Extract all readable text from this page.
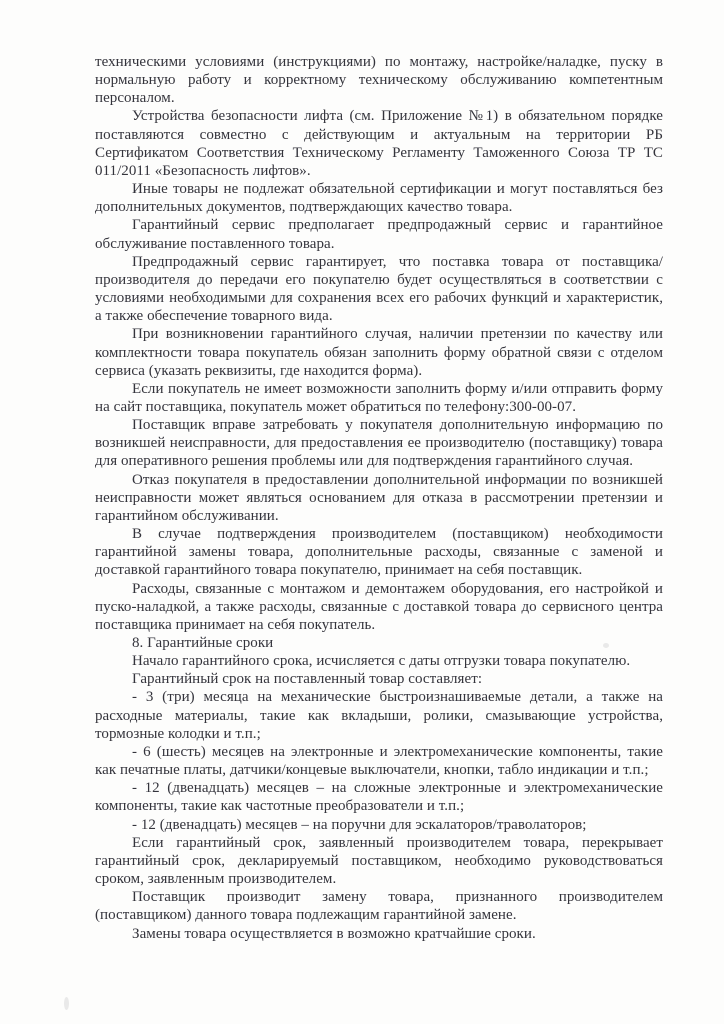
техническими условиями (инструкциями) по монтажу, настройке/наладке, пуску в нормальную работу и корректному техническому обслуживанию компетентным персоналом.

Устройства безопасности лифта (см. Приложение №1) в обязательном порядке поставляются совместно с действующим и актуальным на территории РБ Сертификатом Соответствия Техническому Регламенту Таможенного Союза ТР ТС 011/2011 «Безопасность лифтов».

Иные товары не подлежат обязательной сертификации и могут поставляться без дополнительных документов, подтверждающих качество товара.

Гарантийный сервис предполагает предпродажный сервис и гарантийное обслуживание поставленного товара.

Предпродажный сервис гарантирует, что поставка товара от поставщика/производителя до передачи его покупателю будет осуществляться в соответствии с условиями необходимыми для сохранения всех его рабочих функций и характеристик, а также обеспечение товарного вида.

При возникновении гарантийного случая, наличии претензии по качеству или комплектности товара покупатель обязан заполнить форму обратной связи с отделом сервиса (указать реквизиты, где находится форма).

Если покупатель не имеет возможности заполнить форму и/или отправить форму на сайт поставщика, покупатель может обратиться по телефону:300-00-07.

Поставщик вправе затребовать у покупателя дополнительную информацию по возникшей неисправности, для предоставления ее производителю (поставщику) товара для оперативного решения проблемы или для подтверждения гарантийного случая.

Отказ покупателя в предоставлении дополнительной информации по возникшей неисправности может являться основанием для отказа в рассмотрении претензии и гарантийном обслуживании.

В случае подтверждения производителем (поставщиком) необходимости гарантийной замены товара, дополнительные расходы, связанные с заменой и доставкой гарантийного товара покупателю, принимает на себя поставщик.

Расходы, связанные с монтажом и демонтажем оборудования, его настройкой и пуско-наладкой, а также расходы, связанные с доставкой товара до сервисного центра поставщика принимает на себя покупатель.

8. Гарантийные сроки

Начало гарантийного срока, исчисляется с даты отгрузки товара покупателю.

Гарантийный срок на поставленный товар составляет:

- 3 (три) месяца на механические быстроизнашиваемые детали, а также на расходные материалы, такие как вкладыши, ролики, смазывающие устройства, тормозные колодки и т.п.;

- 6 (шесть) месяцев на электронные и электромеханические компоненты, такие как печатные платы, датчики/концевые выключатели, кнопки, табло индикации и т.п.;

- 12 (двенадцать) месяцев – на сложные электронные и электромеханические компоненты, такие как частотные преобразователи и т.п.;

- 12 (двенадцать) месяцев – на поручни для эскалаторов/траволаторов;

Если гарантийный срок, заявленный производителем товара, перекрывает гарантийный срок, декларируемый поставщиком, необходимо руководствоваться сроком, заявленным производителем.

Поставщик производит замену товара, признанного производителем (поставщиком) данного товара подлежащим гарантийной замене.

Замены товара осуществляется в возможно кратчайшие сроки.
